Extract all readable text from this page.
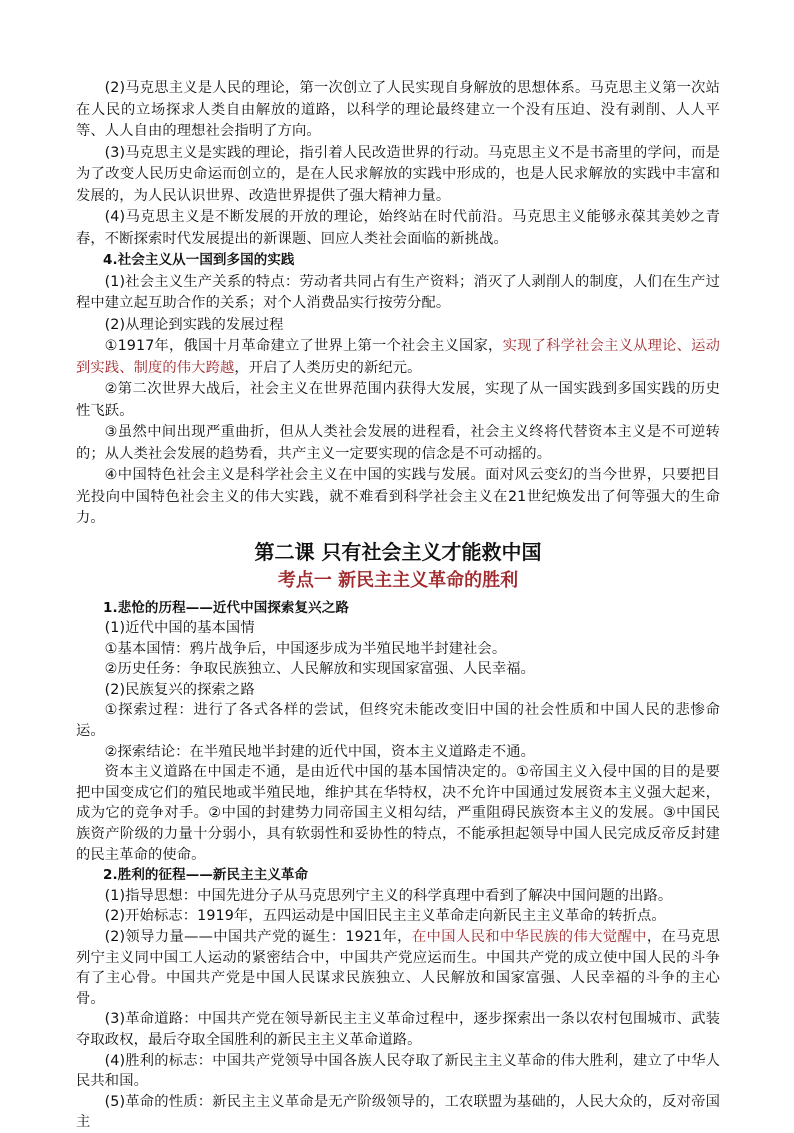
(2)马克思主义是人民的理论，第一次创立了人民实现自身解放的思想体系。马克思主义第一次站在人民的立场探求人类自由解放的道路，以科学的理论最终建立一个没有压迫、没有剥削、人人平等、人人自由的理想社会指明了方向。

(3)马克思主义是实践的理论，指引着人民改造世界的行动。马克思主义不是书斋里的学问，而是为了改变人民历史命运而创立的，是在人民求解放的实践中形成的，也是人民求解放的实践中丰富和发展的，为人民认识世界、改造世界提供了强大精神力量。

(4)马克思主义是不断发展的开放的理论，始终站在时代前沿。马克思主义能够永葆其美妙之青春，不断探索时代发展提出的新课题、回应人类社会面临的新挑战。

4.社会主义从一国到多国的实践

(1)社会主义生产关系的特点：劳动者共同占有生产资料；消灭了人剥削人的制度，人们在生产过程中建立起互助合作的关系；对个人消费品实行按劳分配。

(2)从理论到实践的发展过程

①1917年，俄国十月革命建立了世界上第一个社会主义国家，实现了科学社会主义从理论、运动到实践、制度的伟大跨越，开启了人类历史的新纪元。

②第二次世界大战后，社会主义在世界范围内获得大发展，实现了从一国实践到多国实践的历史性飞跃。

③虽然中间出现严重曲折，但从人类社会发展的进程看，社会主义终将代替资本主义是不可逆转的；从人类社会发展的趋势看，共产主义一定要实现的信念是不可动摇的。

④中国特色社会主义是科学社会主义在中国的实践与发展。面对风云变幻的当今世界，只要把目光投向中国特色社会主义的伟大实践，就不难看到科学社会主义在21世纪焕发出了何等强大的生命力。

第二课 只有社会主义才能救中国
考点一 新民主主义革命的胜利

1.悲怆的历程——近代中国探索复兴之路

(1)近代中国的基本国情

①基本国情：鸦片战争后，中国逐步成为半殖民地半封建社会。

②历史任务：争取民族独立、人民解放和实现国家富强、人民幸福。

(2)民族复兴的探索之路

①探索过程：进行了各式各样的尝试，但终究未能改变旧中国的社会性质和中国人民的悲惨命运。

②探索结论：在半殖民地半封建的近代中国，资本主义道路走不通。

资本主义道路在中国走不通，是由近代中国的基本国情决定的。①帝国主义入侵中国的目的是要把中国变成它们的殖民地或半殖民地，维护其在华特权，决不允许中国通过发展资本主义强大起来，成为它的竞争对手。②中国的封建势力同帝国主义相勾结，严重阻碍民族资本主义的发展。③中国民族资产阶级的力量十分弱小，具有软弱性和妥协性的特点，不能承担起领导中国人民完成反帝反封建的民主革命的使命。

2.胜利的征程——新民主主义革命

(1)指导思想：中国先进分子从马克思列宁主义的科学真理中看到了解决中国问题的出路。

(2)开始标志：1919年，五四运动是中国旧民主主义革命走向新民主主义革命的转折点。

(2)领导力量——中国共产党的诞生：1921年，在中国人民和中华民族的伟大觉醒中，在马克思列宁主义同中国工人运动的紧密结合中，中国共产党应运而生。中国共产党的成立使中国人民的斗争有了主心骨。中国共产党是中国人民谋求民族独立、人民解放和国家富强、人民幸福的斗争的主心骨。

(3)革命道路：中国共产党在领导新民主主义革命过程中，逐步探索出一条以农村包围城市、武装夺取政权，最后夺取全国胜利的新民主主义革命道路。

(4)胜利的标志：中国共产党领导中国各族人民夺取了新民主主义革命的伟大胜利，建立了中华人民共和国。

(5)革命的性质：新民主主义革命是无产阶级领导的，工农联盟为基础的，人民大众的，反对帝国主
